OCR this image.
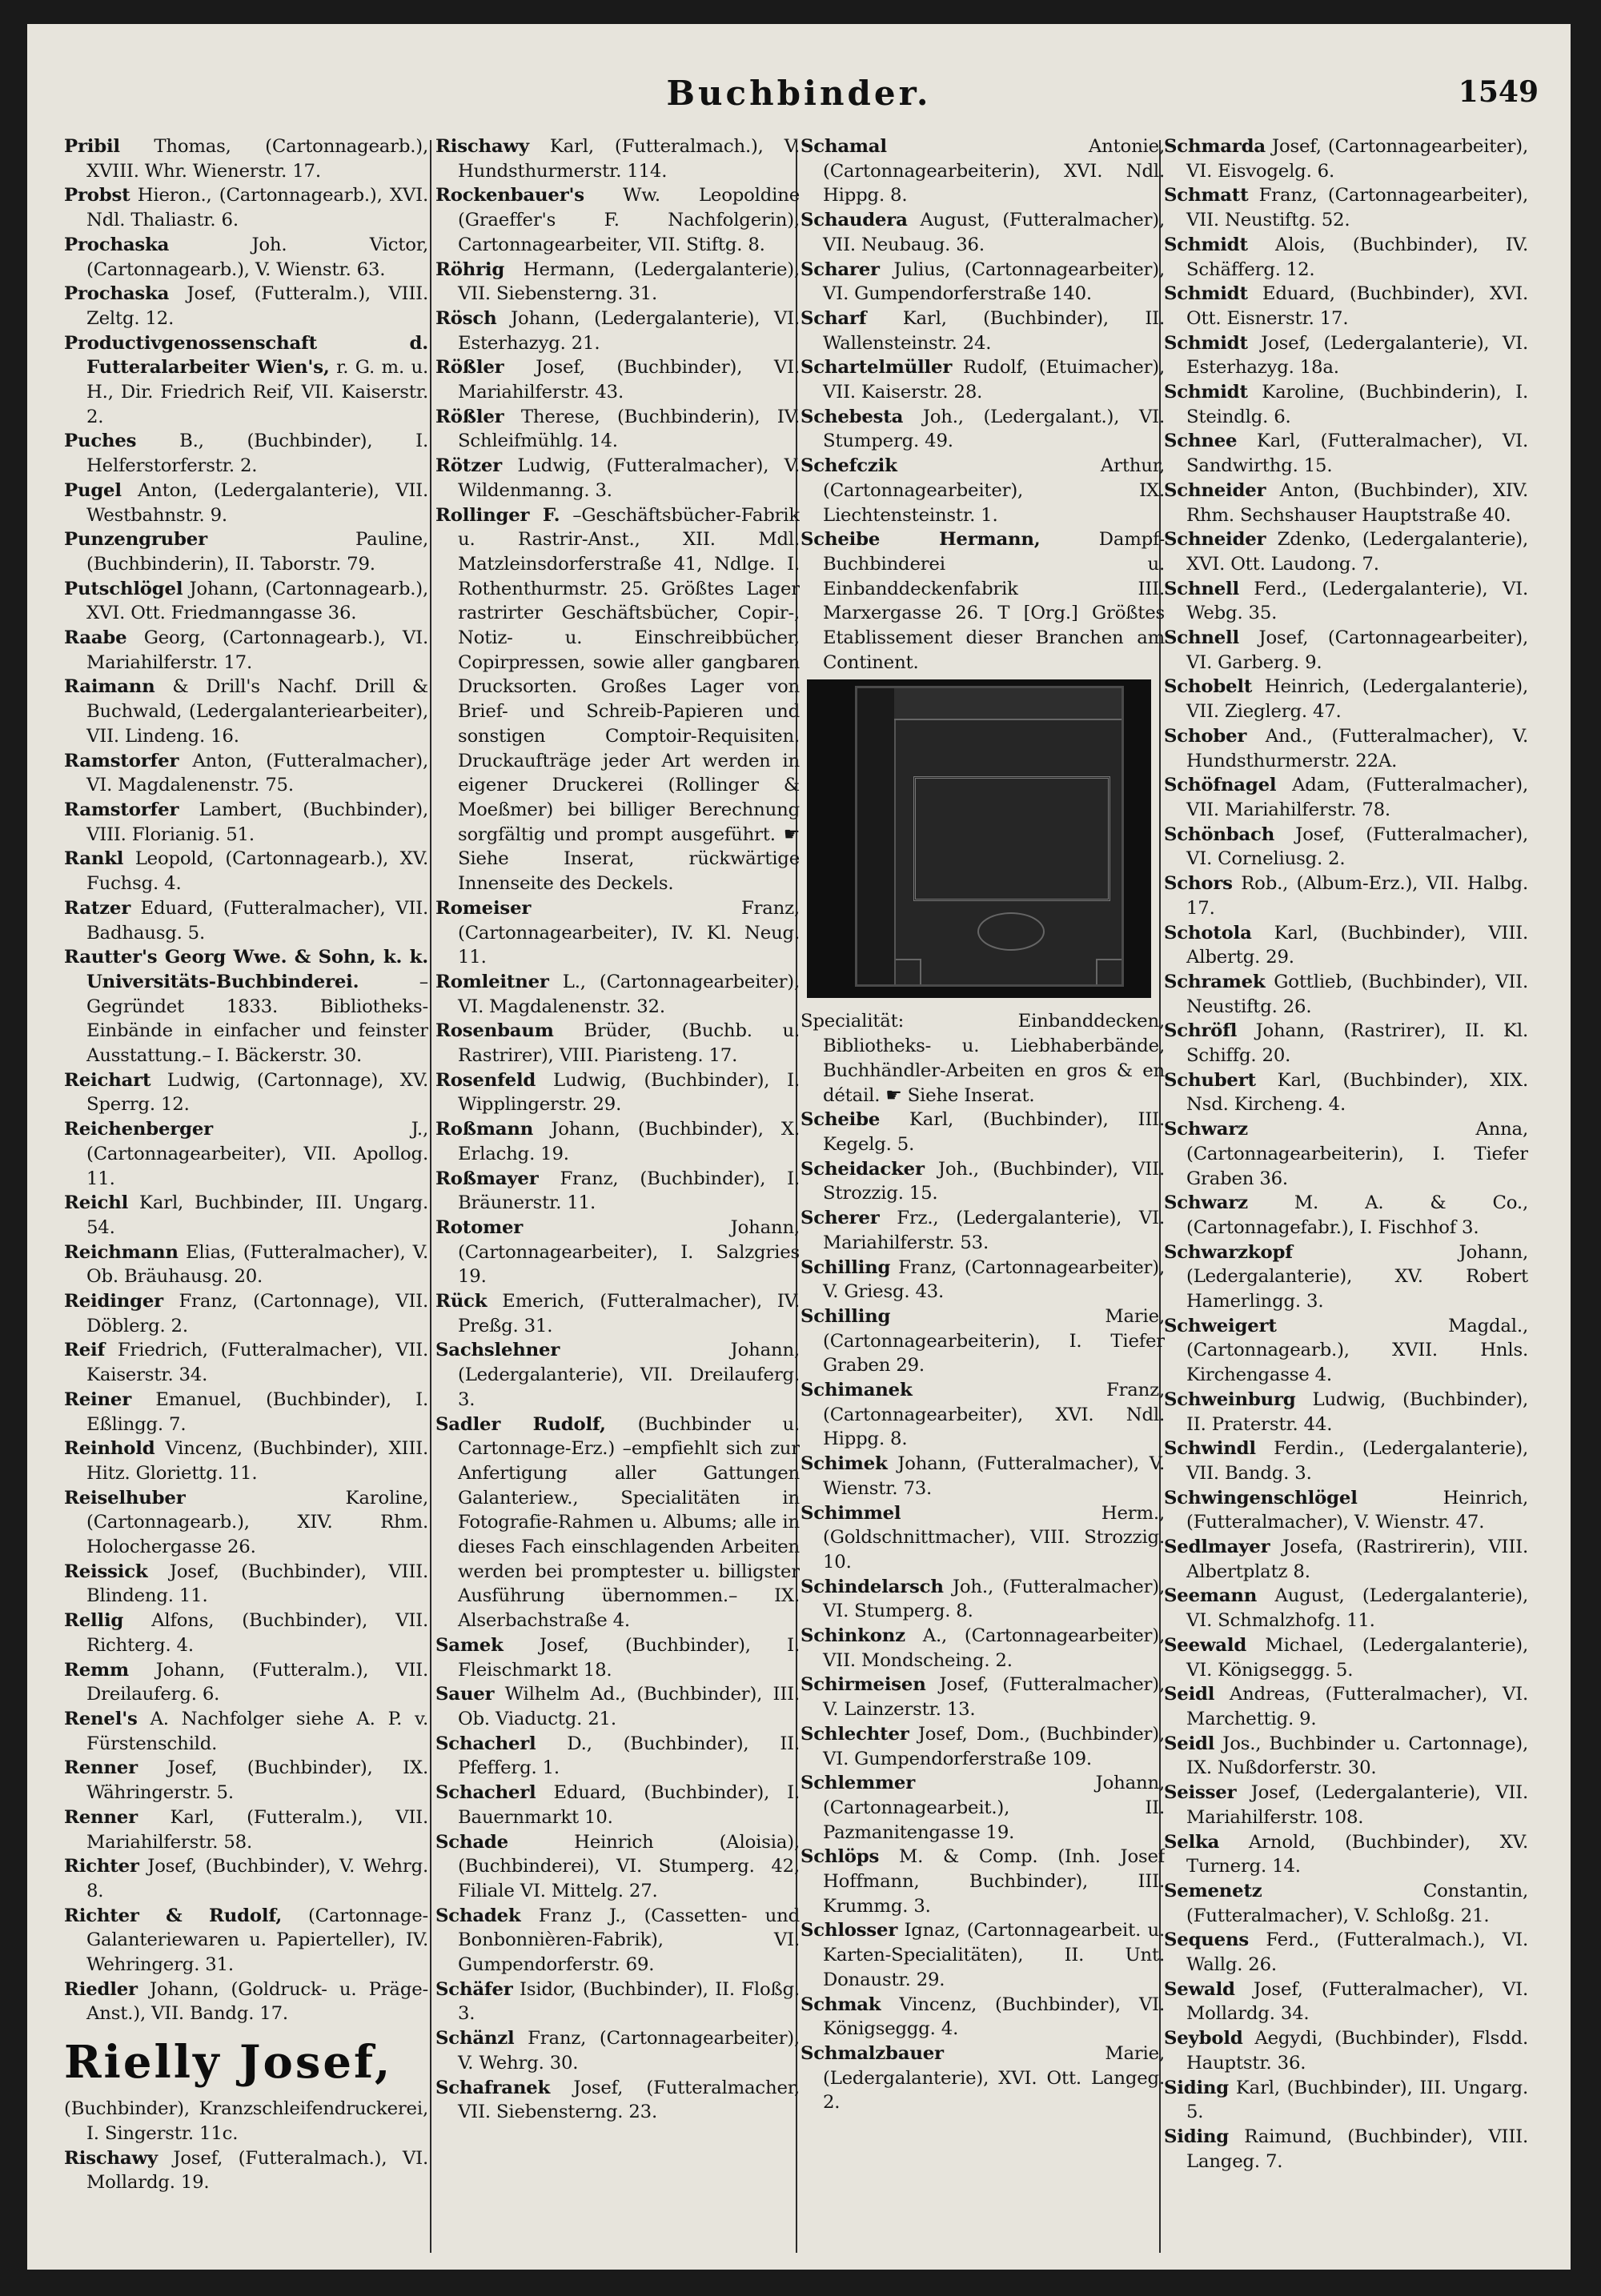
Buchbinder.	1549

Pribil Thomas, (Cartonnagearb.), XVIII. Whr. Wienerstr. 17.

Probst Hieron., (Cartonnagearb.), XVI. Ndl. Thaliastr. 6.

Prochaska	Joh. Victor, (Cartonnagearb.), V. Wienstr. 63.

Prochaska Josef, (Futteralm.), VIII. Zeltg. 12.

Productivgenossenschaft d. Futteralarbeiter Wien's, r. G. m. u. H., Dir. Friedrich Reif, VII. Kaiserstr. 2.

Puches B., (Buchbinder), I. Helferstorferstr. 2.

Pugel Anton, (Ledergalanterie), VII. Westbahnstr. 9.

Punzengruber	Pauline, (Buchbinderin), II. Taborstr. 79.

Putschlögel Johann, (Cartonnagearb.), XVI. Ott. Friedmanngasse 36.

Raabe Georg, (Cartonnagearb.), VI. Mariahilferstr. 17.

Raimann & Drill's Nachf. Drill & Buchwald, (Ledergalanteriearbeiter), VII. Lindeng. 16.

Ramstorfer Anton, (Futteralmacher), VI. Magdalenenstr. 75.

Ramstorfer Lambert, (Buchbinder), VIII. Florianig. 51.

Rankl Leopold, (Cartonnagearb.), XV. Fuchsg. 4.

Ratzer Eduard, (Futteralmacher), VII. Badhausg. 5.

Rautter's Georg Wwe. & Sohn, k. k. Universitäts-Buchbinderei.	–Gegründet 1833. Bibliotheks-Einbände in einfacher und feinster Ausstattung.– I. Bäckerstr. 30.

Reichart Ludwig, (Cartonnage), XV. Sperrg. 12.

Reichenberger	J., (Cartonnagearbeiter), VII. Apollog. 11.

Reichl Karl, Buchbinder, III. Ungarg. 54.

Reichmann Elias, (Futteralmacher), V. Ob. Bräuhausg. 20.

Reidinger Franz, (Cartonnage), VII. Döblerg. 2.

Reif Friedrich, (Futteralmacher), VII. Kaiserstr. 34.

Reiner Emanuel, (Buchbinder), I. Eßlingg. 7.

Reinhold Vincenz, (Buchbinder), XIII. Hitz. Gloriettg. 11.

Reiselhuber	Karoline, (Cartonnagearb.), XIV. Rhm. Holochergasse 26.

Reissick Josef, (Buchbinder), VIII. Blindeng. 11.

Rellig Alfons, (Buchbinder), VII. Richterg. 4.

Remm Johann, (Futteralm.), VII. Dreilauferg. 6.

Renel's A. Nachfolger siehe A. P. v. Fürstenschild.

Renner Josef, (Buchbinder), IX. Währingerstr. 5.

Renner Karl, (Futteralm.), VII. Mariahilferstr. 58.

Richter Josef, (Buchbinder), V. Wehrg. 8.

Richter & Rudolf, (Cartonnage-Galanteriewaren u. Papierteller), IV. Wehringerg. 31.

Riedler Johann, (Goldruck- u. Präge-Anst.), VII. Bandg. 17.

Rielly Josef,

(Buchbinder), Kranzschleifendruckerei, I. Singerstr. 11c.

Rischawy Josef, (Futteralmach.), VI. Mollardg. 19.

Rischawy Karl, (Futteralmach.), V. Hundsthurmerstr. 114.

Rockenbauer's Ww. Leopoldine (Graeffer's F. Nachfolgerin), Cartonnagearbeiter, VII. Stiftg. 8.

Röhrig Hermann, (Ledergalanterie), VII. Siebensterng. 31.

Rösch Johann, (Ledergalanterie), VI. Esterhazyg. 21.

Rößler Josef, (Buchbinder), VI. Mariahilferstr. 43.

Rößler Therese, (Buchbinderin), IV. Schleifmühlg. 14.

Rötzer Ludwig, (Futteralmacher), V. Wildenmanng. 3.

Rollinger F. –Geschäftsbücher-Fabrik u. Rastrir-Anst., XII. Mdl. Matzleinsdorferstraße 41, Ndlge. I. Rothenthurmstr. 25. Größtes Lager rastrirter Geschäftsbücher, Copir-, Notiz- u. Einschreibbücher, Copirpressen, sowie aller gangbaren Drucksorten. Großes Lager von Brief- und Schreib-Papieren und sonstigen Comptoir-Requisiten. Druckaufträge jeder Art werden in eigener Druckerei (Rollinger & Moeßmer) bei billiger Berechnung sorgfältig und prompt ausgeführt. ☛ Siehe Inserat, rückwärtige Innenseite des Deckels.

Romeiser	Franz, (Cartonnagearbeiter), IV. Kl. Neug. 11.

Romleitner L., (Cartonnagearbeiter), VI. Magdalenenstr. 32.

Rosenbaum Brüder, (Buchb. u. Rastrirer), VIII. Piaristeng. 17.

Rosenfeld Ludwig, (Buchbinder), I. Wipplingerstr. 29.

Roßmann Johann, (Buchbinder), X. Erlachg. 19.

Roßmayer Franz, (Buchbinder), I. Bräunerstr. 11.

Rotomer	Johann, (Cartonnagearbeiter), I. Salzgries 19.

Rück Emerich, (Futteralmacher), IV. Preßg. 31.

Sachslehner	Johann, (Ledergalanterie), VII. Dreilauferg. 3.

Sadler Rudolf, (Buchbinder u. Cartonnage-Erz.) –empfiehlt sich zur Anfertigung aller Gattungen Galanteriew., Specialitäten in Fotografie-Rahmen u. Albums; alle in dieses Fach einschlagenden Arbeiten werden bei promptester u. billigster Ausführung übernommen.– IX. Alserbachstraße 4.

Samek Josef, (Buchbinder), I. Fleischmarkt 18.

Sauer Wilhelm Ad., (Buchbinder), III. Ob. Viaductg. 21.

Schacherl D., (Buchbinder), II. Pfefferg. 1.

Schacherl Eduard, (Buchbinder), I. Bauernmarkt 10.

Schade	Heinrich (Aloisia), (Buchbinderei), VI. Stumperg. 42, Filiale VI. Mittelg. 27.

Schadek Franz J., (Cassetten- und Bonbonnièren-Fabrik), VI. Gumpendorferstr. 69.

Schäfer Isidor, (Buchbinder), II. Floßg. 3.

Schänzl Franz, (Cartonnagearbeiter), V. Wehrg. 30.

Schafranek Josef, (Futteralmacher, VII. Siebensterng. 23.

Schamal	Antonie, (Cartonnagearbeiterin), XVI. Ndl. Hippg. 8.

Schaudera August, (Futteralmacher), VII. Neubaug. 36.

Scharer Julius, (Cartonnagearbeiter), VI. Gumpendorferstraße 140.

Scharf Karl, (Buchbinder), II. Wallensteinstr. 24.

Schartelmüller Rudolf, (Etuimacher), VII. Kaiserstr. 28.

Schebesta Joh., (Ledergalant.), VI. Stumperg. 49.

Schefczik	Arthur, (Cartonnagearbeiter), IX. Liechtensteinstr. 1.

Scheibe Hermann,	Dampf-Buchbinderei u. Einbanddeckenfabrik III. Marxergasse 26. T [Org.] Größtes Etablissement dieser Branchen am Continent.

Specialität: Einbanddecken, Bibliotheks- u. Liebhaberbände, Buchhändler-Arbeiten en gros & en détail. ☛ Siehe Inserat.

Scheibe Karl, (Buchbinder), III. Kegelg. 5.

Scheidacker Joh., (Buchbinder), VII. Strozzig. 15.

Scherer Frz., (Ledergalanterie), VI. Mariahilferstr. 53.

Schilling Franz, (Cartonnagearbeiter), V. Griesg. 43.

Schilling	Marie, (Cartonnagearbeiterin), I. Tiefer Graben 29.

Schimanek	Franz, (Cartonnagearbeiter), XVI. Ndl. Hippg. 8.

Schimek Johann, (Futteralmacher), V. Wienstr. 73.

Schimmel	Herm., (Goldschnittmacher), VIII. Strozzig. 10.

Schindelarsch Joh., (Futteralmacher), VI. Stumperg. 8.

Schinkonz A., (Cartonnagearbeiter), VII. Mondscheing. 2.

Schirmeisen Josef, (Futteralmacher), V. Lainzerstr. 13.

Schlechter Josef, Dom., (Buchbinder), VI. Gumpendorferstraße 109.

Schlemmer	Johann, (Cartonnagearbeit.), II. Pazmanitengasse 19.

Schlöps M. & Comp. (Inh. Josef Hoffmann, Buchbinder), III. Krummg. 3.

Schlosser Ignaz, (Cartonnagearbeit. u. Karten-Specialitäten), II. Unt. Donaustr. 29.

Schmak Vincenz, (Buchbinder), VI. Königseggg. 4.

Schmalzbauer	Marie, (Ledergalanterie), XVI. Ott. Langeg. 2.

Schmarda Josef, (Cartonnagearbeiter), VI. Eisvogelg. 6.

Schmatt Franz, (Cartonnagearbeiter), VII. Neustiftg. 52.

Schmidt Alois, (Buchbinder), IV. Schäfferg. 12.

Schmidt Eduard, (Buchbinder), XVI. Ott. Eisnerstr. 17.

Schmidt Josef, (Ledergalanterie), VI. Esterhazyg. 18a.

Schmidt Karoline, (Buchbinderin), I. Steindlg. 6.

Schnee Karl, (Futteralmacher), VI. Sandwirthg. 15.

Schneider Anton, (Buchbinder), XIV. Rhm. Sechshauser Hauptstraße 40.

Schneider Zdenko, (Ledergalanterie), XVI. Ott. Laudong. 7.

Schnell Ferd., (Ledergalanterie), VI. Webg. 35.

Schnell Josef, (Cartonnagearbeiter), VI. Garberg. 9.

Schobelt Heinrich, (Ledergalanterie), VII. Zieglerg. 47.

Schober And., (Futteralmacher), V. Hundsthurmerstr. 22A.

Schöfnagel Adam, (Futteralmacher), VII. Mariahilferstr. 78.

Schönbach Josef, (Futteralmacher), VI. Corneliusg. 2.

Schors Rob., (Album-Erz.), VII. Halbg. 17.

Schotola Karl, (Buchbinder), VIII. Albertg. 29.

Schramek Gottlieb, (Buchbinder), VII. Neustiftg. 26.

Schröfl Johann, (Rastrirer), II. Kl. Schiffg. 20.

Schubert Karl, (Buchbinder), XIX. Nsd. Kircheng. 4.

Schwarz	Anna, (Cartonnagearbeiterin), I. Tiefer Graben 36.

Schwarz	M. A. & Co., (Cartonnagefabr.), I. Fischhof 3.

Schwarzkopf	Johann, (Ledergalanterie), XV. Robert Hamerlingg. 3.

Schweigert	Magdal., (Cartonnagearb.), XVII. Hnls. Kirchengasse 4.

Schweinburg Ludwig, (Buchbinder), II. Praterstr. 44.

Schwindl Ferdin., (Ledergalanterie), VII. Bandg. 3.

Schwingenschlögel	Heinrich, (Futteralmacher), V. Wienstr. 47.

Sedlmayer Josefa, (Rastrirerin), VIII. Albertplatz 8.

Seemann August, (Ledergalanterie), VI. Schmalzhofg. 11.

Seewald Michael, (Ledergalanterie), VI. Königseggg. 5.

Seidl Andreas, (Futteralmacher), VI. Marchettig. 9.

Seidl Jos., Buchbinder u. Cartonnage), IX. Nußdorferstr. 30.

Seisser Josef, (Ledergalanterie), VII. Mariahilferstr. 108.

Selka Arnold, (Buchbinder), XV. Turnerg. 14.

Semenetz	Constantin, (Futteralmacher), V. Schloßg. 21.

Sequens Ferd., (Futteralmach.), VI. Wallg. 26.

Sewald Josef, (Futteralmacher), VI. Mollardg. 34.

Seybold Aegydi, (Buchbinder), Flsdd. Hauptstr. 36.

Siding Karl, (Buchbinder), III. Ungarg. 5.

Siding Raimund, (Buchbinder), VIII. Langeg. 7.
